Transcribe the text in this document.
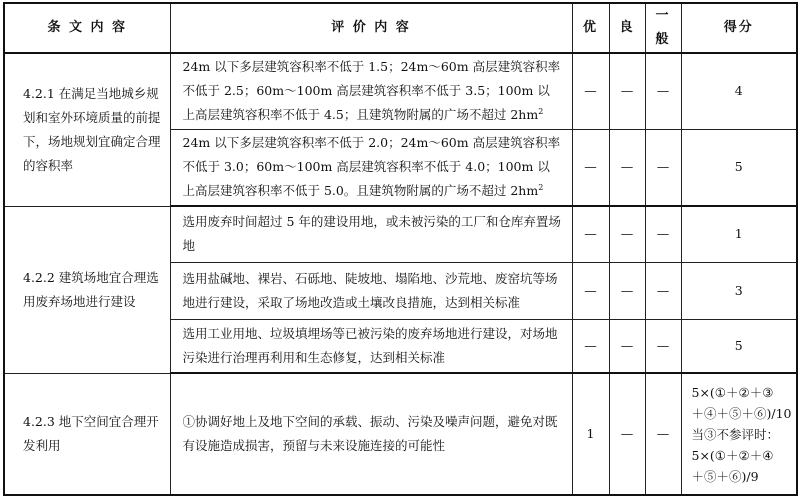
条 文 内 容	评 价 内 容	优	良	一般	得分
4.2.1 在满足当地城乡规划和室外环境质量的前提下，场地规划宜确定合理的容积率	24m 以下多层建筑容积率不低于 1.5；24m～60m 高层建筑容积率不低于 2.5；60m～100m 高层建筑容积率不低于 3.5；100m 以上高层建筑容积率不低于 4.5；且建筑物附属的广场不超过 $2hm^2$	—	—	—	4
	24m 以下多层建筑容积率不低于 2.0；24m～60m 高层建筑容积率不低于 3.0；60m～100m 高层建筑容积率不低于 4.0；100m 以上高层建筑容积率不低于 5.0。且建筑物附属的广场不超过 $2hm^2$	—	—	—	5
4.2.2 建筑场地宜合理选用废弃场地进行建设	选用废弃时间超过 5 年的建设用地，或未被污染的工厂和仓库弃置场地	—	—	—	1
	选用盐碱地、裸岩、石砾地、陡坡地、塌陷地、沙荒地、废窑坑等场地进行建设，采取了场地改造或土壤改良措施，达到相关标准	—	—	—	3
	选用工业用地、垃圾填埋场等已被污染的废弃场地进行建设，对场地污染进行治理再利用和生态修复，达到相关标准	—	—	—	5
4.2.3 地下空间宜合理开发利用	①协调好地上及地下空间的承载、振动、污染及噪声问题，避免对既有设施造成损害，预留与未来设施连接的可能性	1	—	—	5×(①＋②＋③
＋④＋⑤＋⑥)/10
当③不参评时：
5×(①＋②＋④
＋⑤＋⑥)/9
